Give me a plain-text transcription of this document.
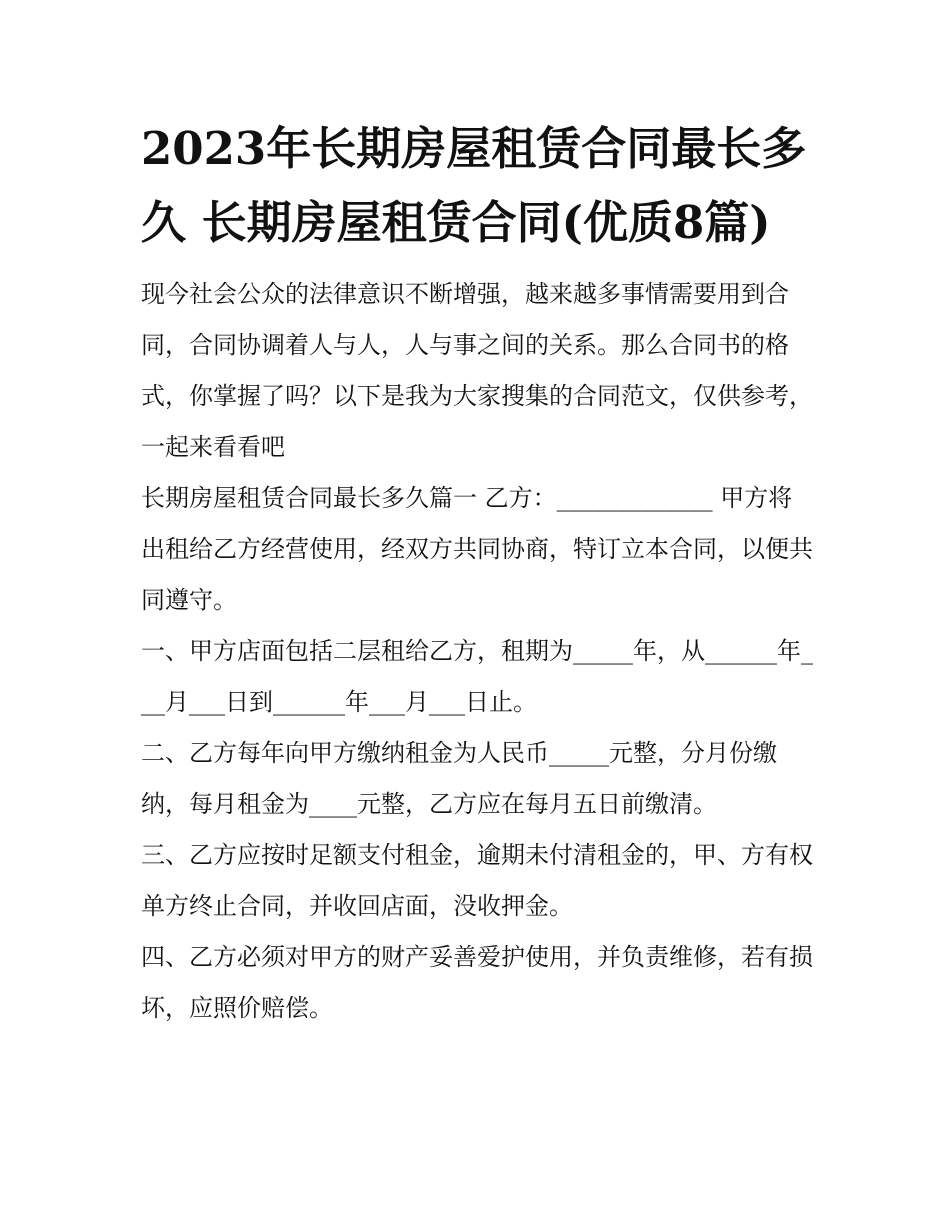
2023年长期房屋租赁合同最长多久 长期房屋租赁合同(优质8篇)

现今社会公众的法律意识不断增强，越来越多事情需要用到合同，合同协调着人与人，人与事之间的关系。那么合同书的格式，你掌握了吗？以下是我为大家搜集的合同范文，仅供参考，一起来看看吧

长期房屋租赁合同最长多久篇一 乙方：_____________ 甲方将出租给乙方经营使用，经双方共同协商，特订立本合同，以便共同遵守。

一、甲方店面包括二层租给乙方，租期为_____年，从______年___月___日到______年___月___日止。

二、乙方每年向甲方缴纳租金为人民币_____元整，分月份缴纳，每月租金为____元整，乙方应在每月五日前缴清。

三、乙方应按时足额支付租金，逾期未付清租金的，甲、方有权单方终止合同，并收回店面，没收押金。

四、乙方必须对甲方的财产妥善爱护使用，并负责维修，若有损坏，应照价赔偿。
